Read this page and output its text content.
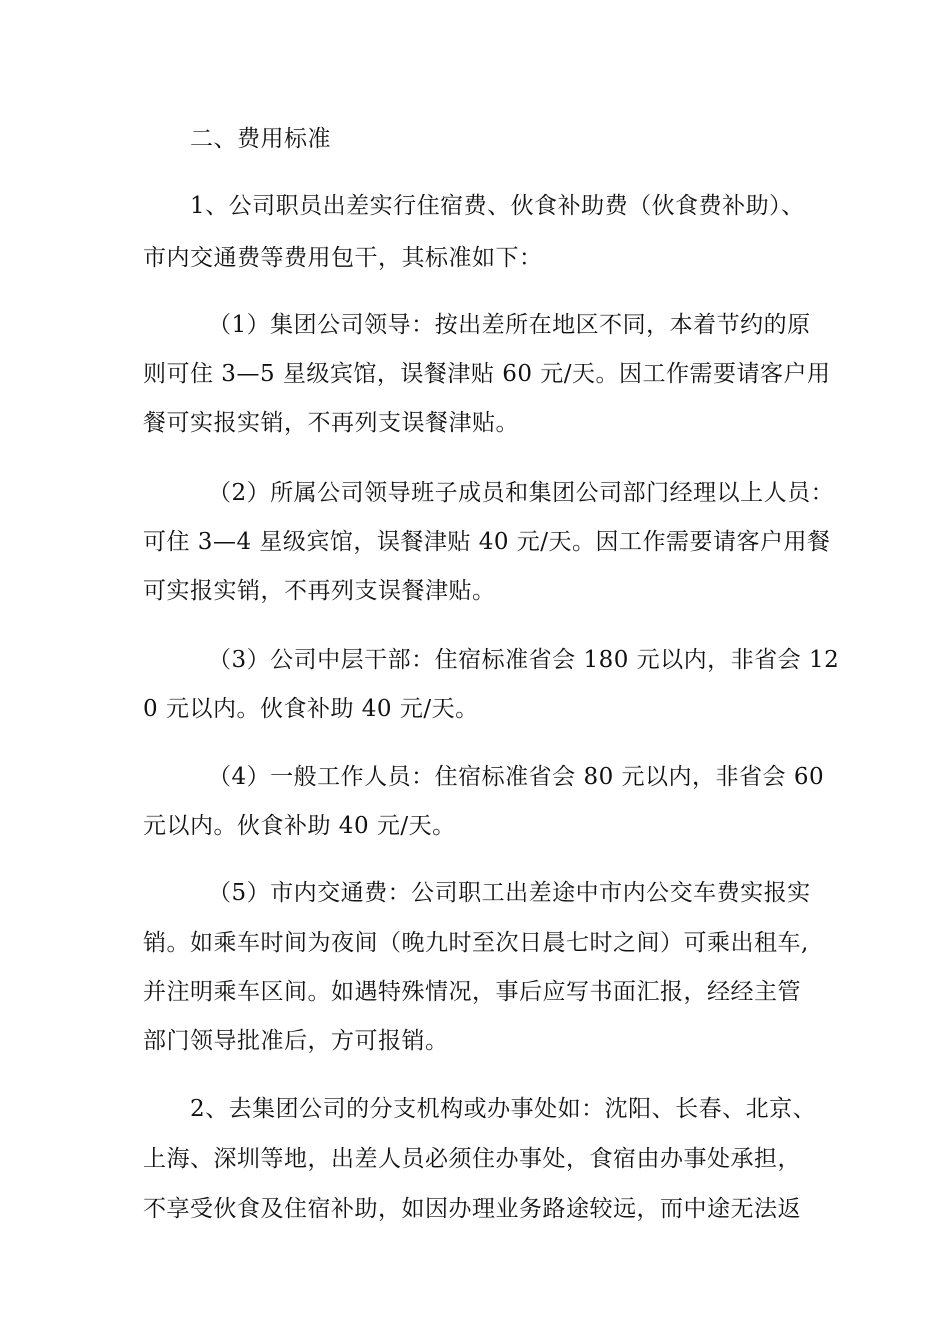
二、费用标准
1、公司职员出差实行住宿费、伙食补助费（伙食费补助）、
市内交通费等费用包干，其标准如下：
（1）集团公司领导：按出差所在地区不同，本着节约的原
则可住 3—5 星级宾馆，误餐津贴 60 元/天。因工作需要请客户用
餐可实报实销，不再列支误餐津贴。
（2）所属公司领导班子成员和集团公司部门经理以上人员：
可住 3—4 星级宾馆，误餐津贴 40 元/天。因工作需要请客户用餐
可实报实销，不再列支误餐津贴。
（3）公司中层干部：住宿标准省会 180 元以内，非省会 12
0 元以内。伙食补助 40 元/天。
（4）一般工作人员：住宿标准省会 80 元以内，非省会 60
元以内。伙食补助 40 元/天。
（5）市内交通费：公司职工出差途中市内公交车费实报实
销。如乘车时间为夜间（晚九时至次日晨七时之间）可乘出租车,
并注明乘车区间。如遇特殊情况，事后应写书面汇报，经经主管
部门领导批准后，方可报销。
2、去集团公司的分支机构或办事处如：沈阳、长春、北京、
上海、深圳等地，出差人员必须住办事处，食宿由办事处承担，
不享受伙食及住宿补助，如因办理业务路途较远，而中途无法返
